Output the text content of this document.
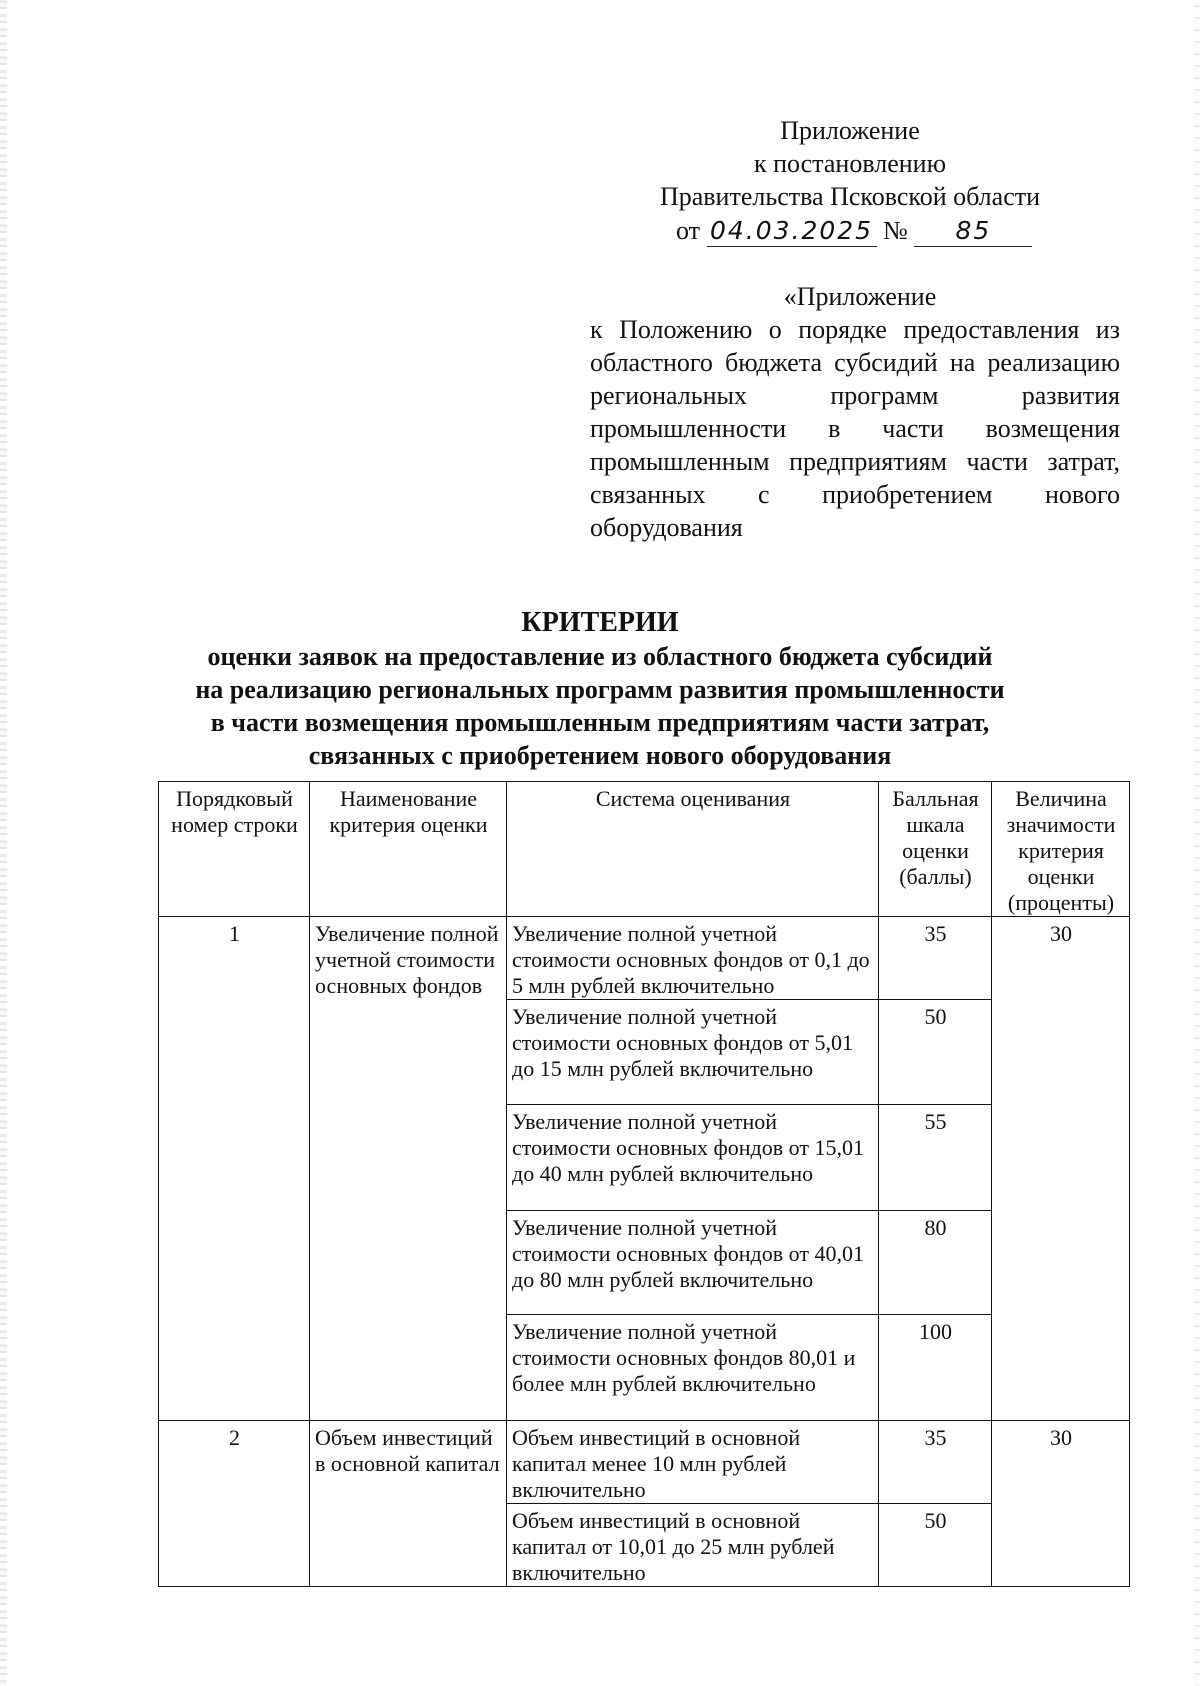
Приложение
к постановлению
Правительства Псковской области
от 04.03.2025 № 85
«Приложение
к Положению о порядке предоставления из областного бюджета субсидий на реализацию региональных программ развития промышленности в части возмещения промышленным предприятиям части затрат, связанных с приобретением нового оборудования
КРИТЕРИИ
оценки заявок на предоставление из областного бюджета субсидий
на реализацию региональных программ развития промышленности
в части возмещения промышленным предприятиям части затрат,
связанных с приобретением нового оборудования
Порядковый номер строки	Наименование критерия оценки	Система оценивания	Балльная шкала оценки (баллы)	Величина значимости критерия оценки (проценты)
1	Увеличение полной учетной стоимости основных фондов	Увеличение полной учетной стоимости основных фондов от 0,1 до 5 млн рублей включительно	35	30
		Увеличение полной учетной стоимости основных фондов от 5,01 до 15 млн рублей включительно	50	
		Увеличение полной учетной стоимости основных фондов от 15,01 до 40 млн рублей включительно	55	
		Увеличение полной учетной стоимости основных фондов от 40,01 до 80 млн рублей включительно	80	
		Увеличение полной учетной стоимости основных фондов 80,01 и более млн рублей включительно	100	
2	Объем инвестиций в основной капитал	Объем инвестиций в основной капитал менее 10 млн рублей включительно	35	30
		Объем инвестиций в основной капитал от 10,01 до 25 млн рублей включительно	50	
